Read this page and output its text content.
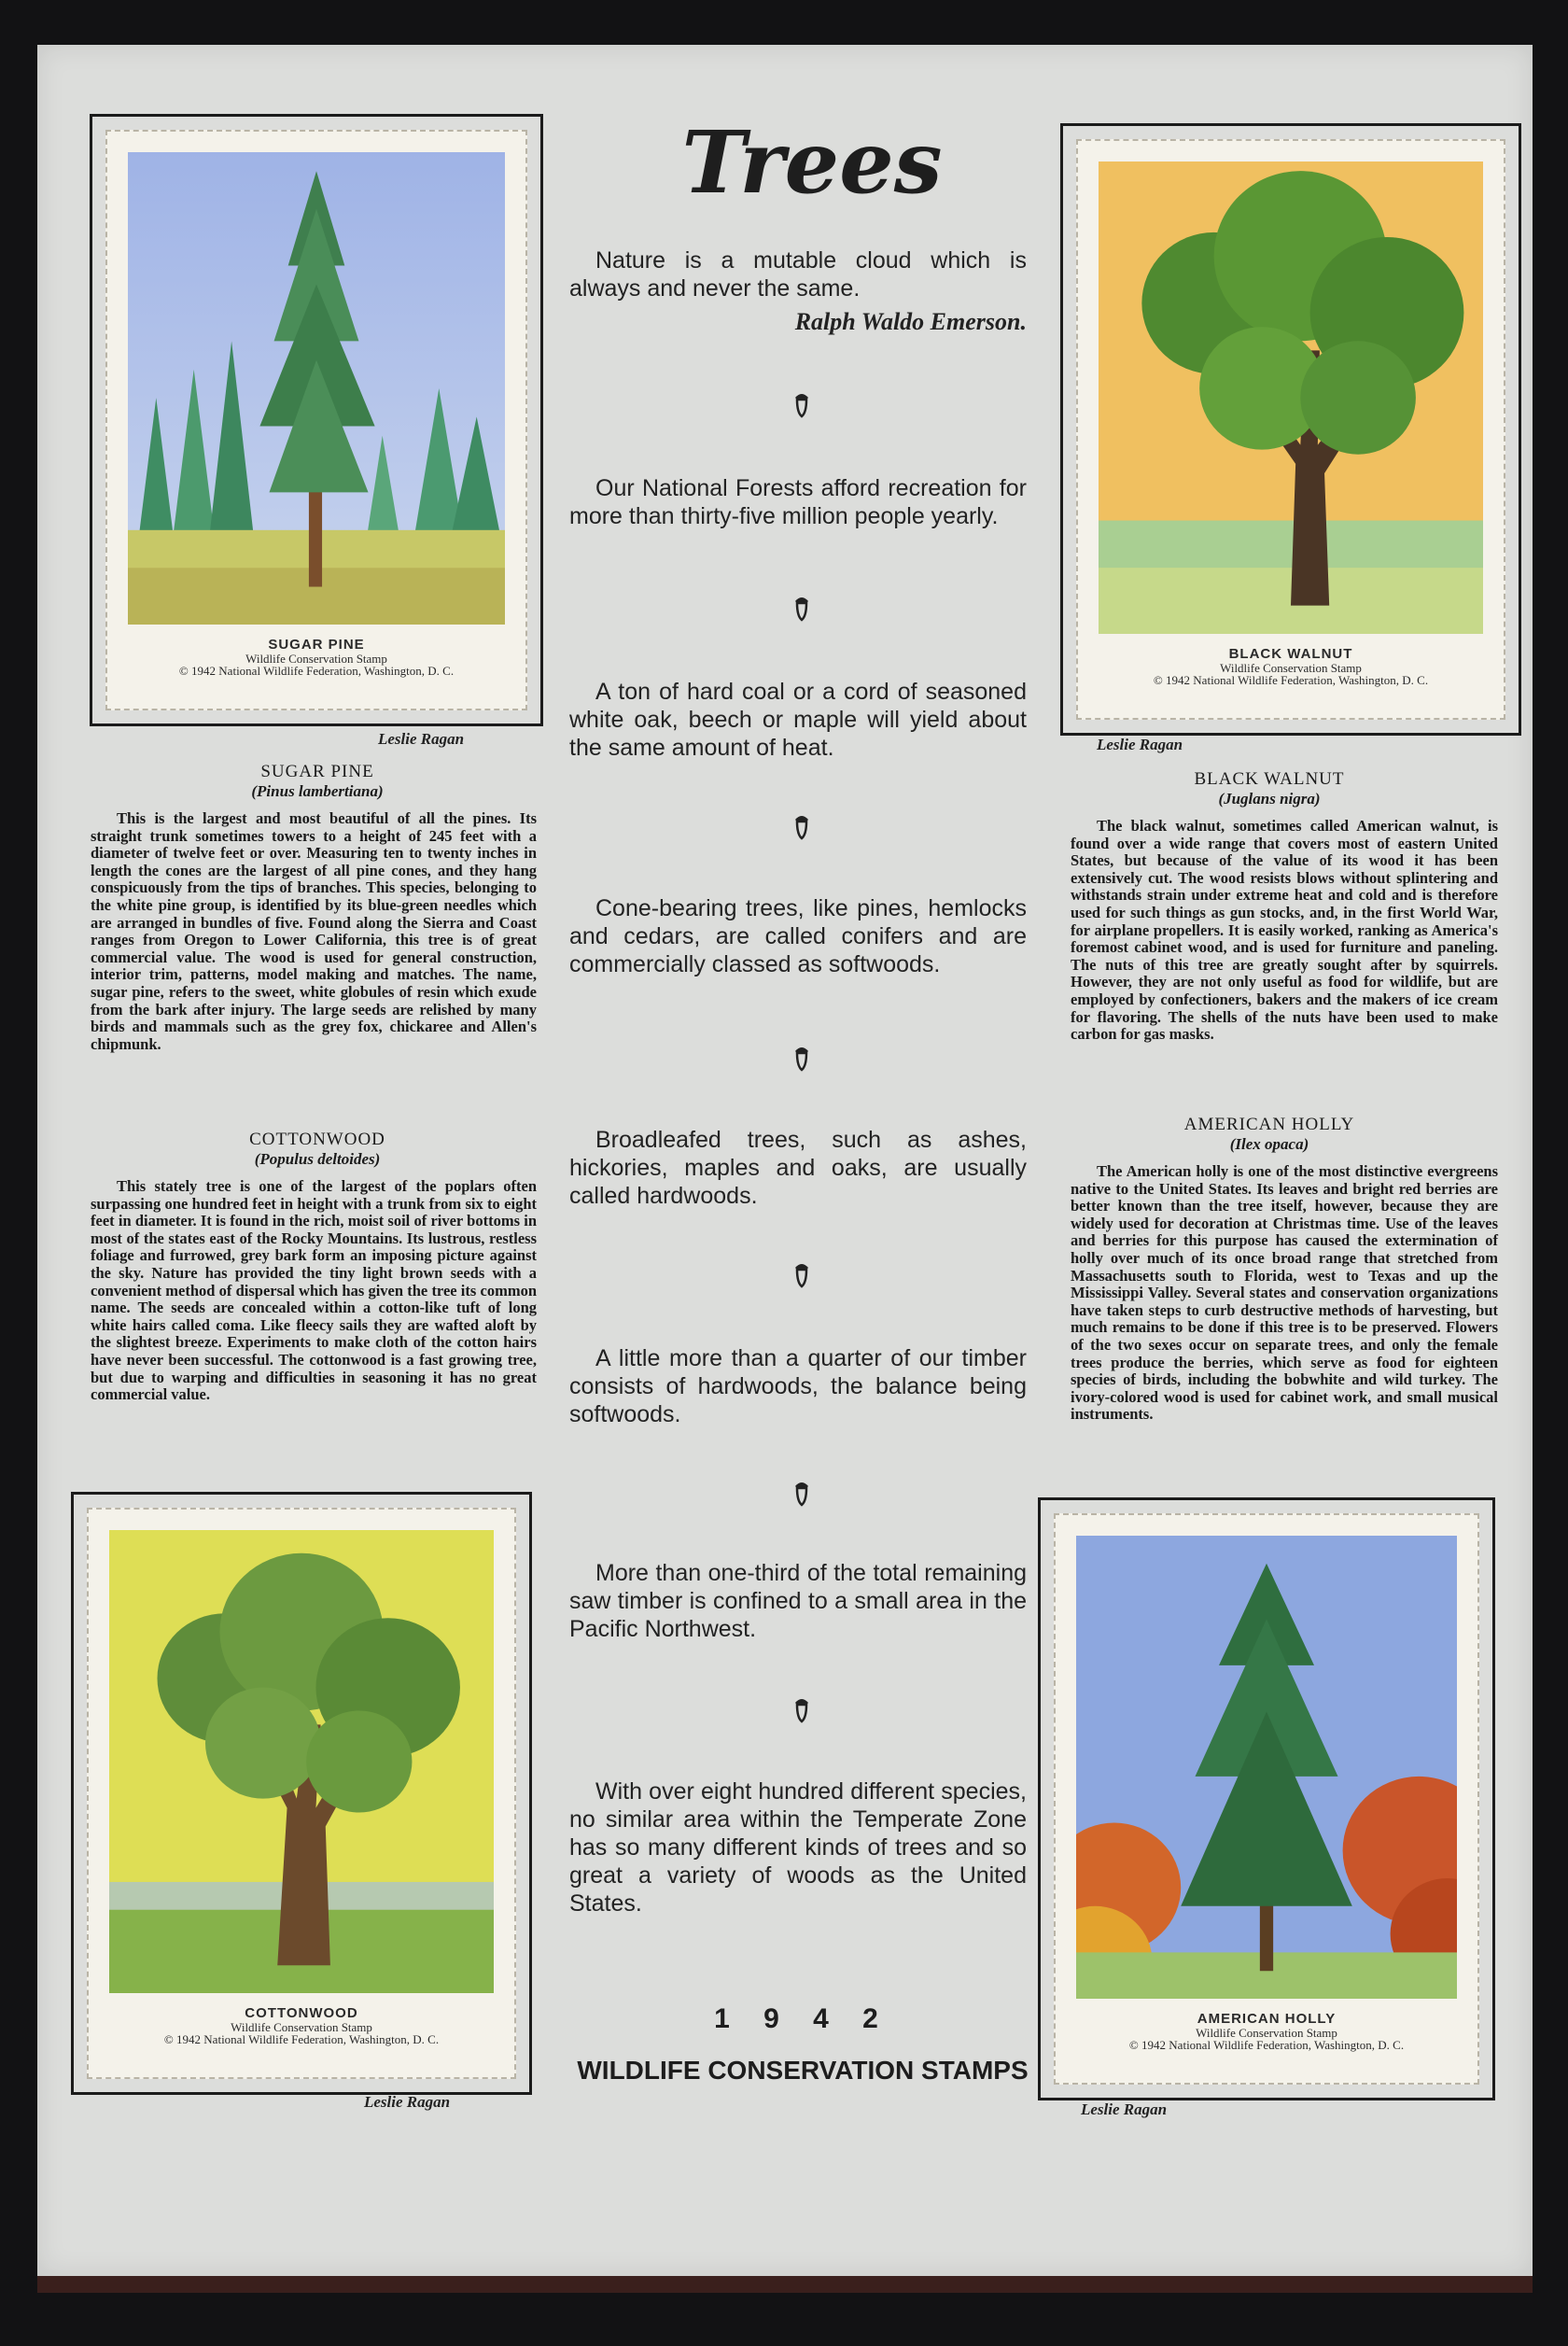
SUGAR PINE
Wildlife Conservation Stamp
© 1942 National Wildlife Federation, Washington, D. C.
Leslie Ragan
SUGAR PINE
(Pinus lambertiana)
This is the largest and most beautiful of all the pines. Its straight trunk sometimes towers to a height of 245 feet with a diameter of twelve feet or over. Measuring ten to twenty inches in length the cones are the largest of all pine cones, and they hang conspicuously from the tips of branches. This species, belonging to the white pine group, is identified by its blue-green needles which are arranged in bundles of five. Found along the Sierra and Coast ranges from Oregon to Lower California, this tree is of great commercial value. The wood is used for general construction, interior trim, patterns, model making and matches. The name, sugar pine, refers to the sweet, white globules of resin which exude from the bark after injury. The large seeds are relished by many birds and mammals such as the grey fox, chickaree and Allen's chipmunk.
COTTONWOOD
(Populus deltoides)
This stately tree is one of the largest of the poplars often surpassing one hundred feet in height with a trunk from six to eight feet in diameter. It is found in the rich, moist soil of river bottoms in most of the states east of the Rocky Mountains. Its lustrous, restless foliage and furrowed, grey bark form an imposing picture against the sky. Nature has provided the tiny light brown seeds with a convenient method of dispersal which has given the tree its common name. The seeds are concealed within a cotton-like tuft of long white hairs called coma. Like fleecy sails they are wafted aloft by the slightest breeze. Experiments to make cloth of the cotton hairs have never been successful. The cottonwood is a fast growing tree, but due to warping and difficulties in seasoning it has no great commercial value.
COTTONWOOD
Wildlife Conservation Stamp
© 1942 National Wildlife Federation, Washington, D. C.
Leslie Ragan
BLACK WALNUT
Wildlife Conservation Stamp
© 1942 National Wildlife Federation, Washington, D. C.
Leslie Ragan
BLACK WALNUT
(Juglans nigra)
The black walnut, sometimes called American walnut, is found over a wide range that covers most of eastern United States, but because of the value of its wood it has been extensively cut. The wood resists blows without splintering and withstands strain under extreme heat and cold and is therefore used for such things as gun stocks, and, in the first World War, for airplane propellers. It is easily worked, ranking as America's foremost cabinet wood, and is used for furniture and paneling. The nuts of this tree are greatly sought after by squirrels. However, they are not only useful as food for wildlife, but are employed by confectioners, bakers and the makers of ice cream for flavoring. The shells of the nuts have been used to make carbon for gas masks.
AMERICAN HOLLY
(Ilex opaca)
The American holly is one of the most distinctive evergreens native to the United States. Its leaves and bright red berries are better known than the tree itself, however, because they are widely used for decoration at Christmas time. Use of the leaves and berries for this purpose has caused the extermination of holly over much of its once broad range that stretched from Massachusetts south to Florida, west to Texas and up the Mississippi Valley. Several states and conservation organizations have taken steps to curb destructive methods of harvesting, but much remains to be done if this tree is to be preserved. Flowers of the two sexes occur on separate trees, and only the female trees produce the berries, which serve as food for eighteen species of birds, including the bobwhite and wild turkey. The ivory-colored wood is used for cabinet work, and small musical instruments.
AMERICAN HOLLY
Wildlife Conservation Stamp
© 1942 National Wildlife Federation, Washington, D. C.
Leslie Ragan
Trees
Nature is a mutable cloud which is always and never the same.
Ralph Waldo Emerson.
Our National Forests afford recreation for more than thirty-five million people yearly.
A ton of hard coal or a cord of seasoned white oak, beech or maple will yield about the same amount of heat.
Cone-bearing trees, like pines, hemlocks and cedars, are called conifers and are commercially classed as softwoods.
Broadleafed trees, such as ashes, hickories, maples and oaks, are usually called hardwoods.
A little more than a quarter of our timber consists of hardwoods, the balance being softwoods.
More than one-third of the total remaining saw timber is confined to a small area in the Pacific Northwest.
With over eight hundred different species, no similar area within the Temperate Zone has so many different kinds of trees and so great a variety of woods as the United States.
1 9 4 2
WILDLIFE CONSERVATION STAMPS
